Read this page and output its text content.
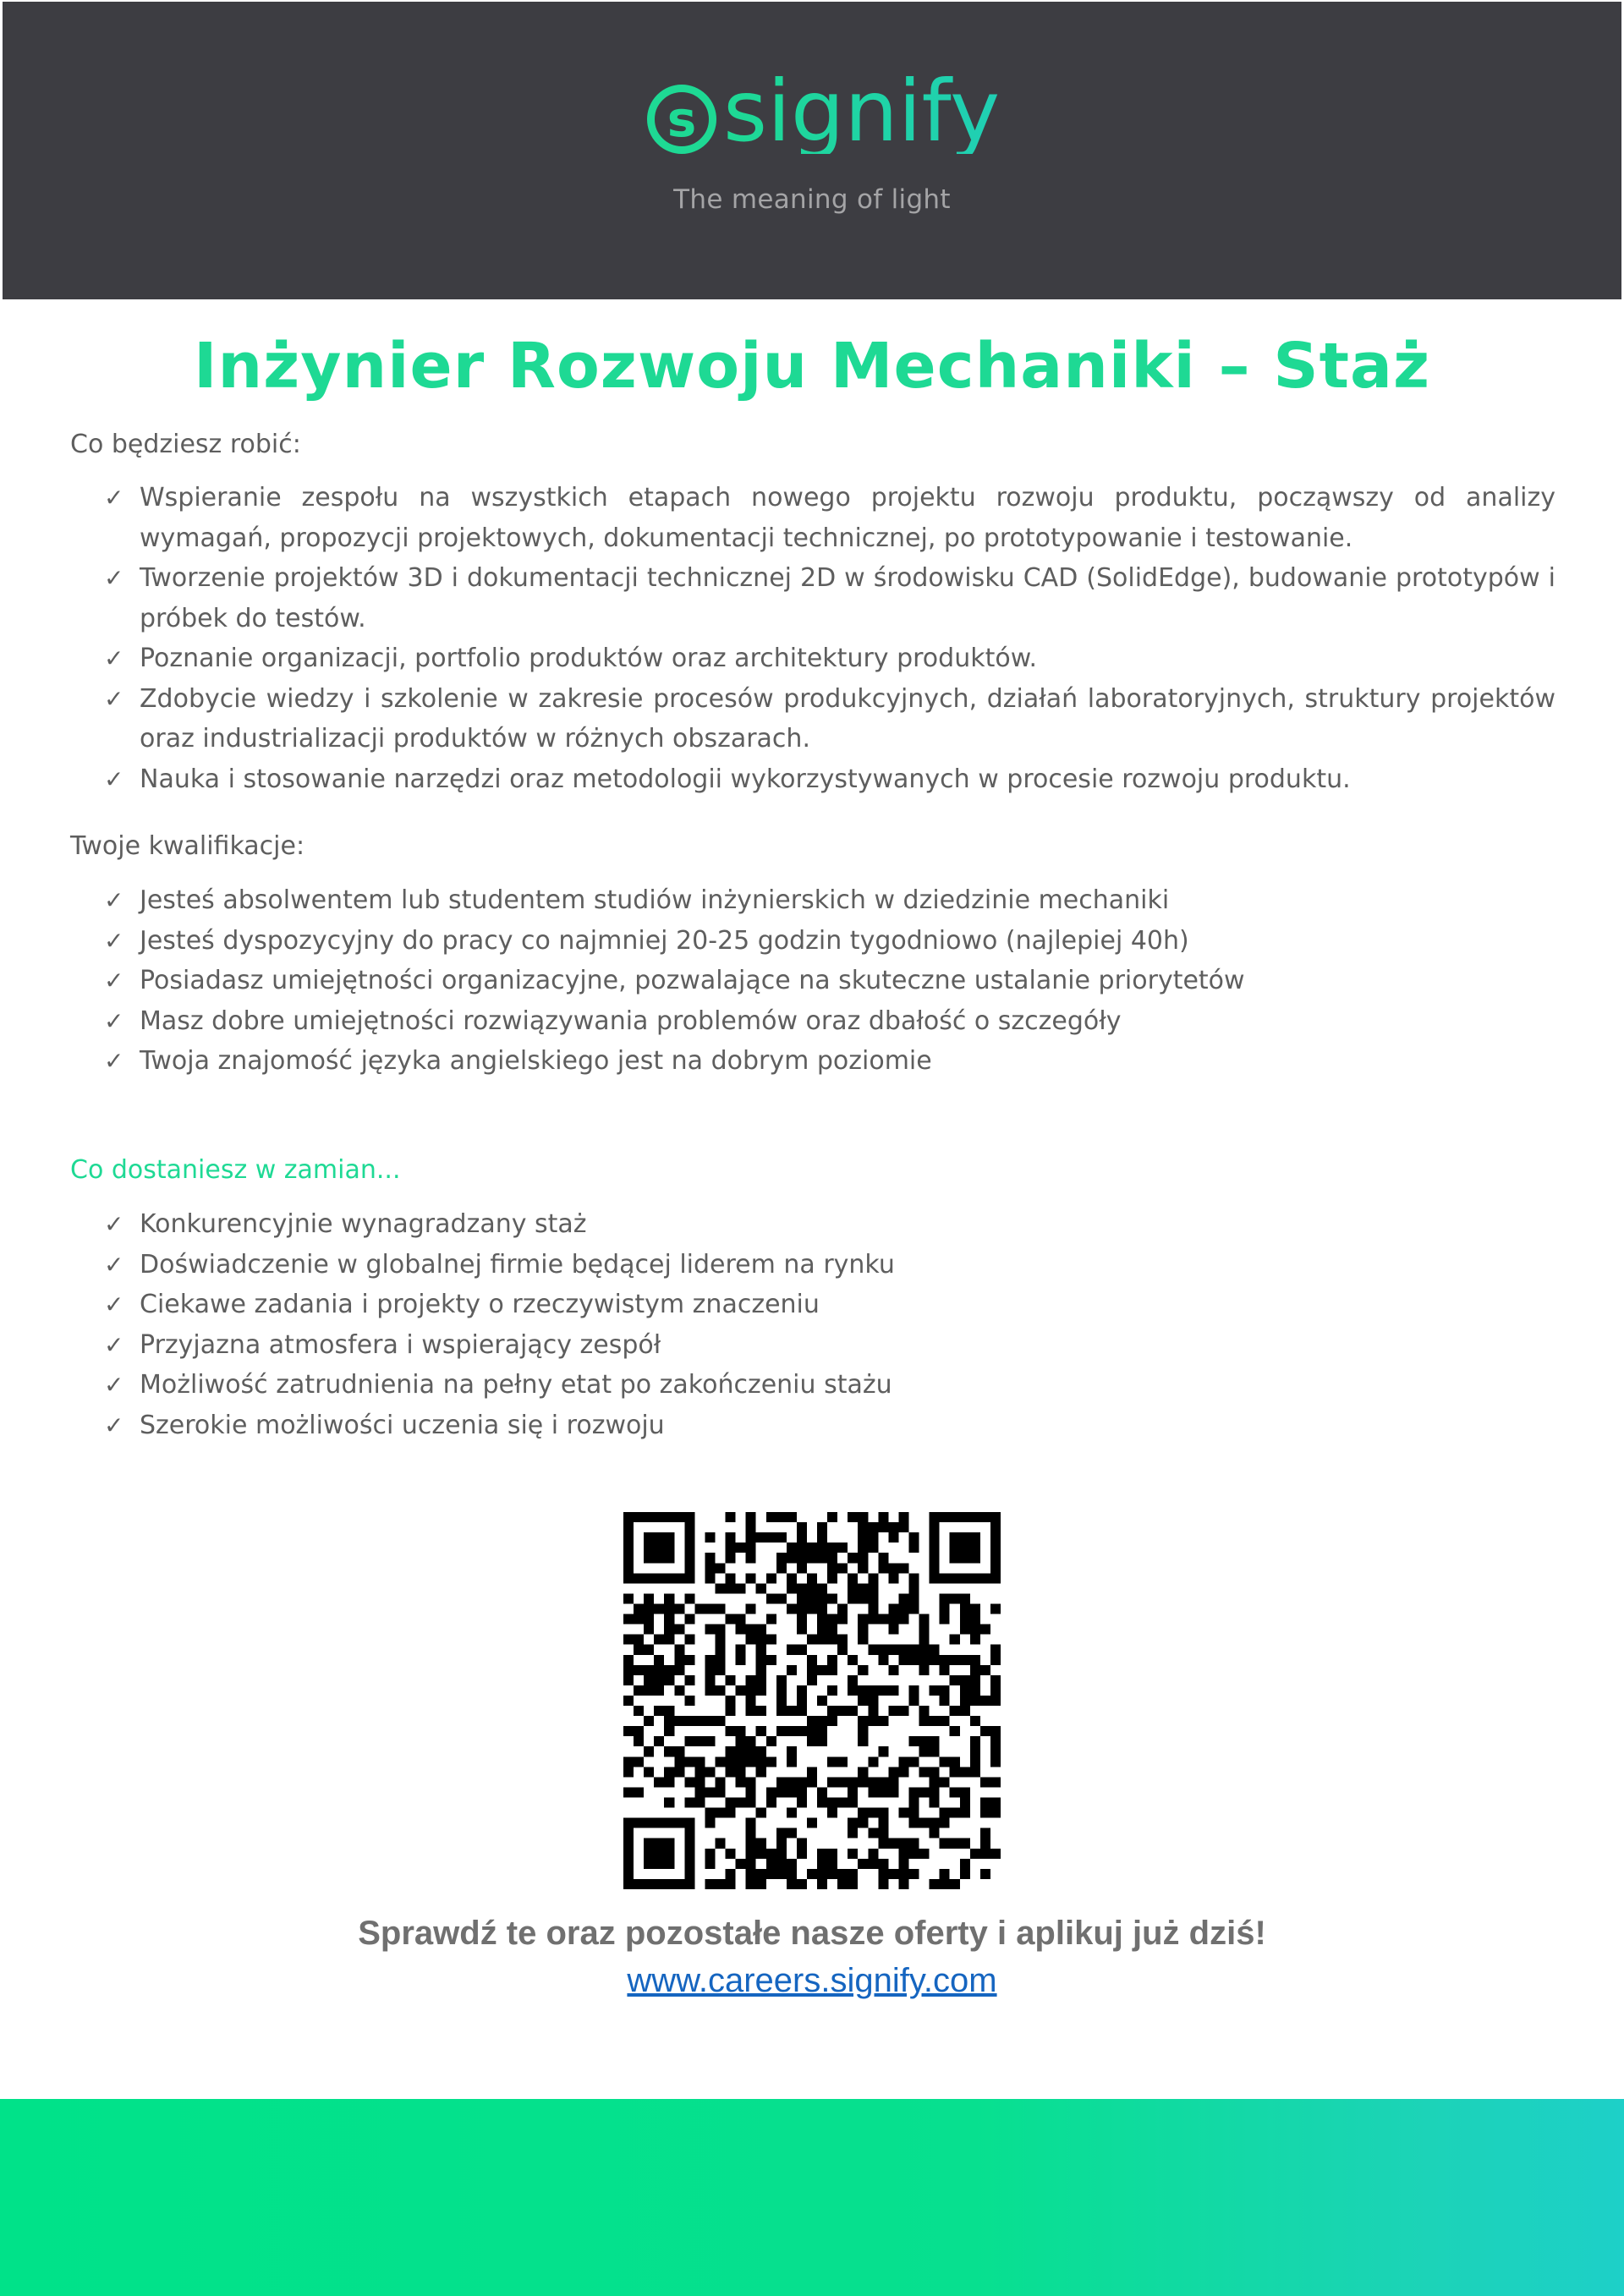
s signify
The meaning of light
Inżynier Rozwoju Mechaniki – Staż
Co będziesz robić:
✓ Wspieranie zespołu na wszystkich etapach nowego projektu rozwoju produktu, począwszy od analizy wymagań, propozycji projektowych, dokumentacji technicznej, po prototypowanie i testowanie.
✓ Tworzenie projektów 3D i dokumentacji technicznej 2D w środowisku CAD (SolidEdge), budowanie prototypów i próbek do testów.
✓ Poznanie organizacji, portfolio produktów oraz architektury produktów.
✓ Zdobycie wiedzy i szkolenie w zakresie procesów produkcyjnych, działań laboratoryjnych, struktury projektów oraz industrializacji produktów w różnych obszarach.
✓ Nauka i stosowanie narzędzi oraz metodologii wykorzystywanych w procesie rozwoju produktu.
Twoje kwalifikacje:
✓ Jesteś absolwentem lub studentem studiów inżynierskich w dziedzinie mechaniki
✓ Jesteś dyspozycyjny do pracy co najmniej 20-25 godzin tygodniowo (najlepiej 40h)
✓ Posiadasz umiejętności organizacyjne, pozwalające na skuteczne ustalanie priorytetów
✓ Masz dobre umiejętności rozwiązywania problemów oraz dbałość o szczegóły
✓ Twoja znajomość języka angielskiego jest na dobrym poziomie
Co dostaniesz w zamian...
✓ Konkurencyjnie wynagradzany staż
✓ Doświadczenie w globalnej firmie będącej liderem na rynku
✓ Ciekawe zadania i projekty o rzeczywistym znaczeniu
✓ Przyjazna atmosfera i wspierający zespół
✓ Możliwość zatrudnienia na pełny etat po zakończeniu stażu
✓ Szerokie możliwości uczenia się i rozwoju
Sprawdź te oraz pozostałe nasze oferty i aplikuj już dziś!
www.careers.signify.com
